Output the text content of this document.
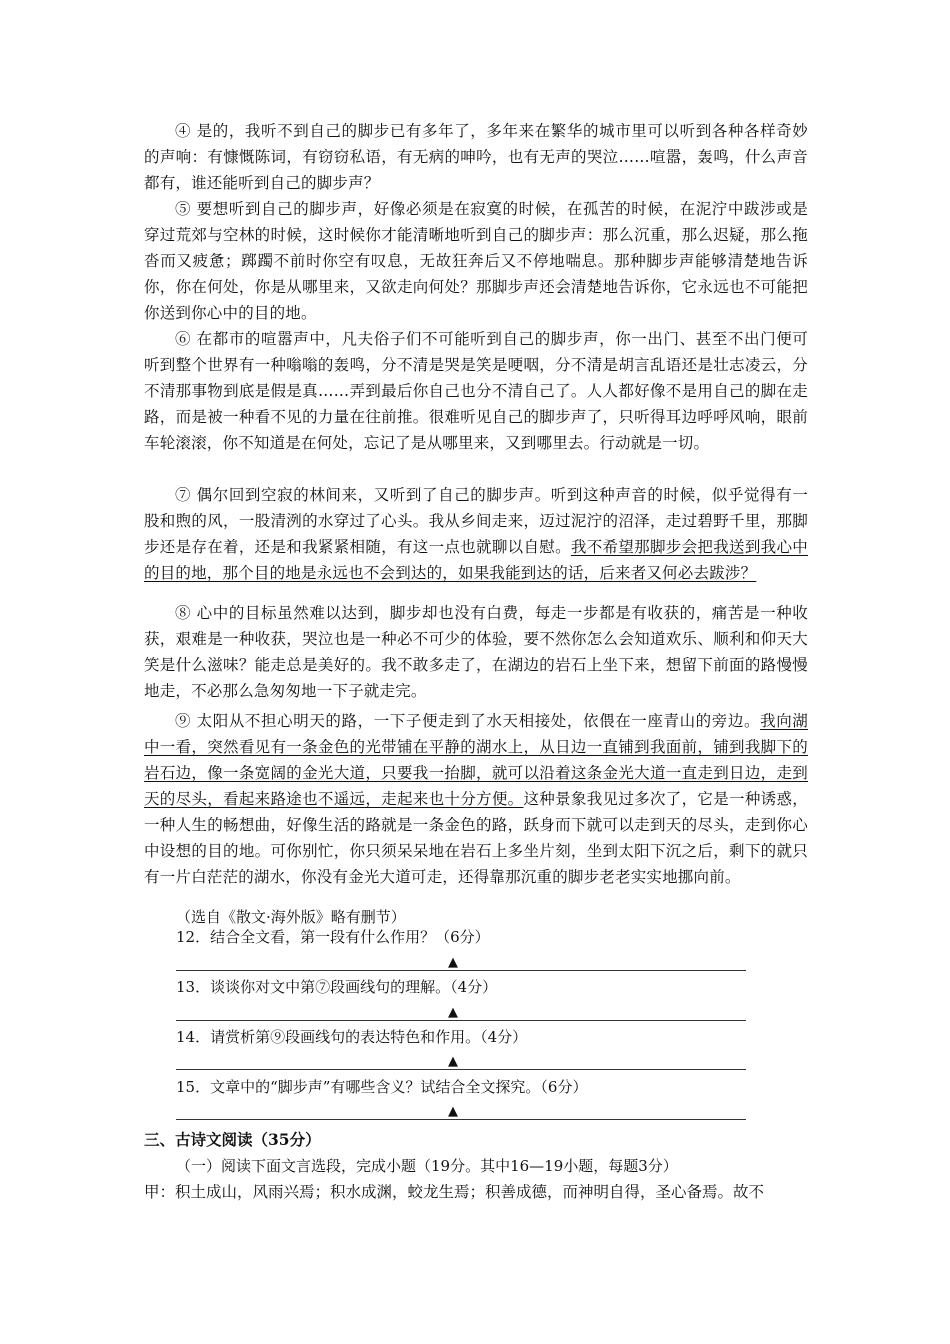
④ 是的，我听不到自己的脚步已有多年了，多年来在繁华的城市里可以听到各种各样奇妙的声响：有慷慨陈词，有窃窃私语，有无病的呻吟，也有无声的哭泣……喧嚣，轰鸣，什么声音都有，谁还能听到自己的脚步声？

⑤ 要想听到自己的脚步声，好像必须是在寂寞的时候，在孤苦的时候，在泥泞中跋涉或是穿过荒郊与空林的时候，这时候你才能清晰地听到自己的脚步声：那么沉重，那么迟疑，那么拖沓而又疲惫；踯躅不前时你空有叹息，无故狂奔后又不停地喘息。那种脚步声能够清楚地告诉你，你在何处，你是从哪里来，又欲走向何处？那脚步声还会清楚地告诉你，它永远也不可能把你送到你心中的目的地。

⑥ 在都市的喧嚣声中，凡夫俗子们不可能听到自己的脚步声，你一出门、甚至不出门便可听到整个世界有一种嗡嗡的轰鸣，分不清是哭是笑是哽咽，分不清是胡言乱语还是壮志凌云，分不清那事物到底是假是真……弄到最后你自己也分不清自己了。人人都好像不是用自己的脚在走路，而是被一种看不见的力量在往前推。很难听见自己的脚步声了，只听得耳边呼呼风响，眼前车轮滚滚，你不知道是在何处，忘记了是从哪里来，又到哪里去。行动就是一切。

⑦ 偶尔回到空寂的林间来，又听到了自己的脚步声。听到这种声音的时候，似乎觉得有一股和煦的风，一股清洌的水穿过了心头。我从乡间走来，迈过泥泞的沼泽，走过碧野千里，那脚步还是存在着，还是和我紧紧相随，有这一点也就聊以自慰。我不希望那脚步会把我送到我心中的目的地，那个目的地是永远也不会到达的，如果我能到达的话，后来者又何必去跋涉？

⑧ 心中的目标虽然难以达到，脚步却也没有白费，每走一步都是有收获的，痛苦是一种收获，艰难是一种收获，哭泣也是一种必不可少的体验，要不然你怎么会知道欢乐、顺利和仰天大笑是什么滋味？能走总是美好的。我不敢多走了，在湖边的岩石上坐下来，想留下前面的路慢慢地走，不必那么急匆匆地一下子就走完。

⑨ 太阳从不担心明天的路，一下子便走到了水天相接处，依偎在一座青山的旁边。我向湖中一看，突然看见有一条金色的光带铺在平静的湖水上，从日边一直铺到我面前，铺到我脚下的岩石边，像一条宽阔的金光大道，只要我一抬脚，就可以沿着这条金光大道一直走到日边，走到天的尽头，看起来路途也不遥远，走起来也十分方便。这种景象我见过多次了，它是一种诱惑，一种人生的畅想曲，好像生活的路就是一条金色的路，跃身而下就可以走到天的尽头，走到你心中设想的目的地。可你别忙，你只须呆呆地在岩石上多坐片刻，坐到太阳下沉之后，剩下的就只有一片白茫茫的湖水，你没有金光大道可走，还得靠那沉重的脚步老老实实地挪向前。

（选自《散文·海外版》略有删节）
12．结合全文看，第一段有什么作用？（6分）
▲
13．谈谈你对文中第⑦段画线句的理解。（4分）
▲
14．请赏析第⑨段画线句的表达特色和作用。（4分）
▲
15．文章中的“脚步声”有哪些含义？试结合全文探究。（6分）
▲
三、古诗文阅读（35分）
（一）阅读下面文言选段，完成小题（19分。其中16—19小题，每题3分）
甲：积土成山，风雨兴焉；积水成渊，蛟龙生焉；积善成德，而神明自得，圣心备焉。故不
